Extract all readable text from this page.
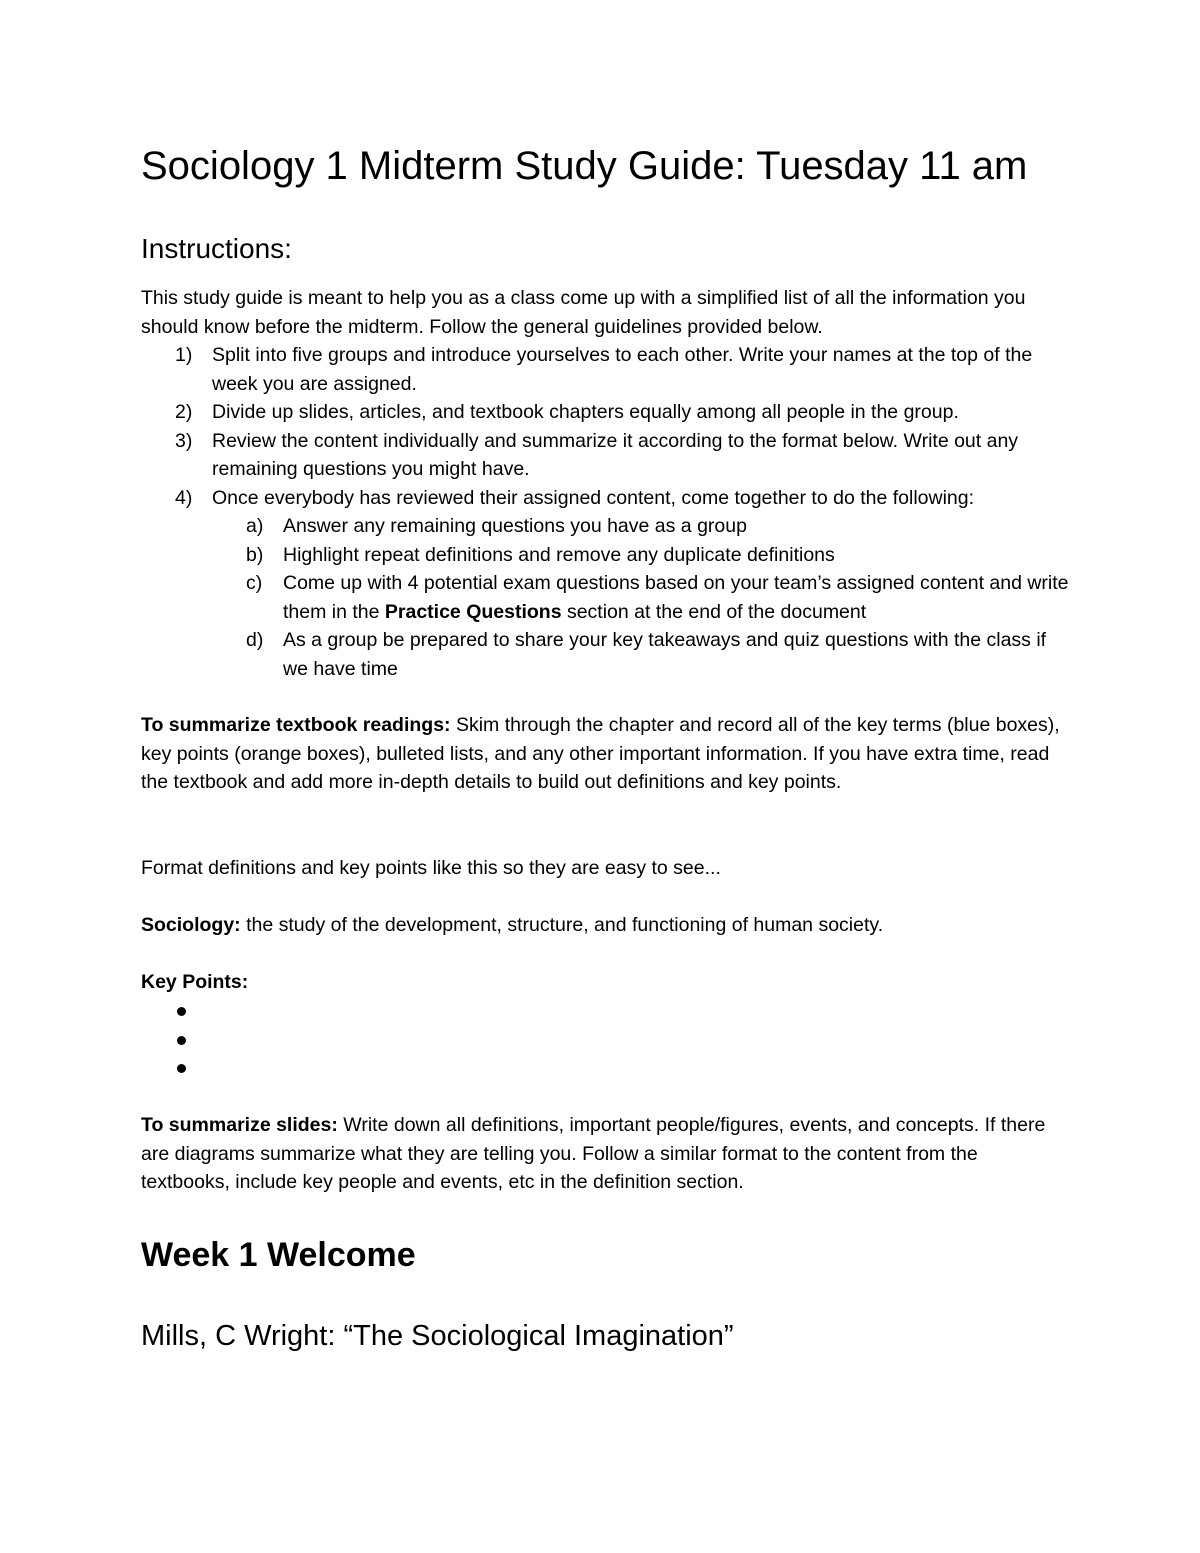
Sociology 1 Midterm Study Guide: Tuesday 11 am
Instructions:

This study guide is meant to help you as a class come up with a simplified list of all the information you should know before the midterm. Follow the general guidelines provided below.

1) Split into five groups and introduce yourselves to each other. Write your names at the top of the week you are assigned.
2) Divide up slides, articles, and textbook chapters equally among all people in the group.
3) Review the content individually and summarize it according to the format below. Write out any remaining questions you might have.
4) Once everybody has reviewed their assigned content, come together to do the following:
a) Answer any remaining questions you have as a group
b) Highlight repeat definitions and remove any duplicate definitions
c) Come up with 4 potential exam questions based on your team’s assigned content and write them in the Practice Questions section at the end of the document
d) As a group be prepared to share your key takeaways and quiz questions with the class if we have time

To summarize textbook readings: Skim through the chapter and record all of the key terms (blue boxes), key points (orange boxes), bulleted lists, and any other important information. If you have extra time, read the textbook and add more in-depth details to build out definitions and key points.

Format definitions and key points like this so they are easy to see...

Sociology: the study of the development, structure, and functioning of human society.

Key Points:

To summarize slides: Write down all definitions, important people/figures, events, and concepts. If there are diagrams summarize what they are telling you. Follow a similar format to the content from the textbooks, include key people and events, etc in the definition section.

Week 1 Welcome
Mills, C Wright: “The Sociological Imagination”
